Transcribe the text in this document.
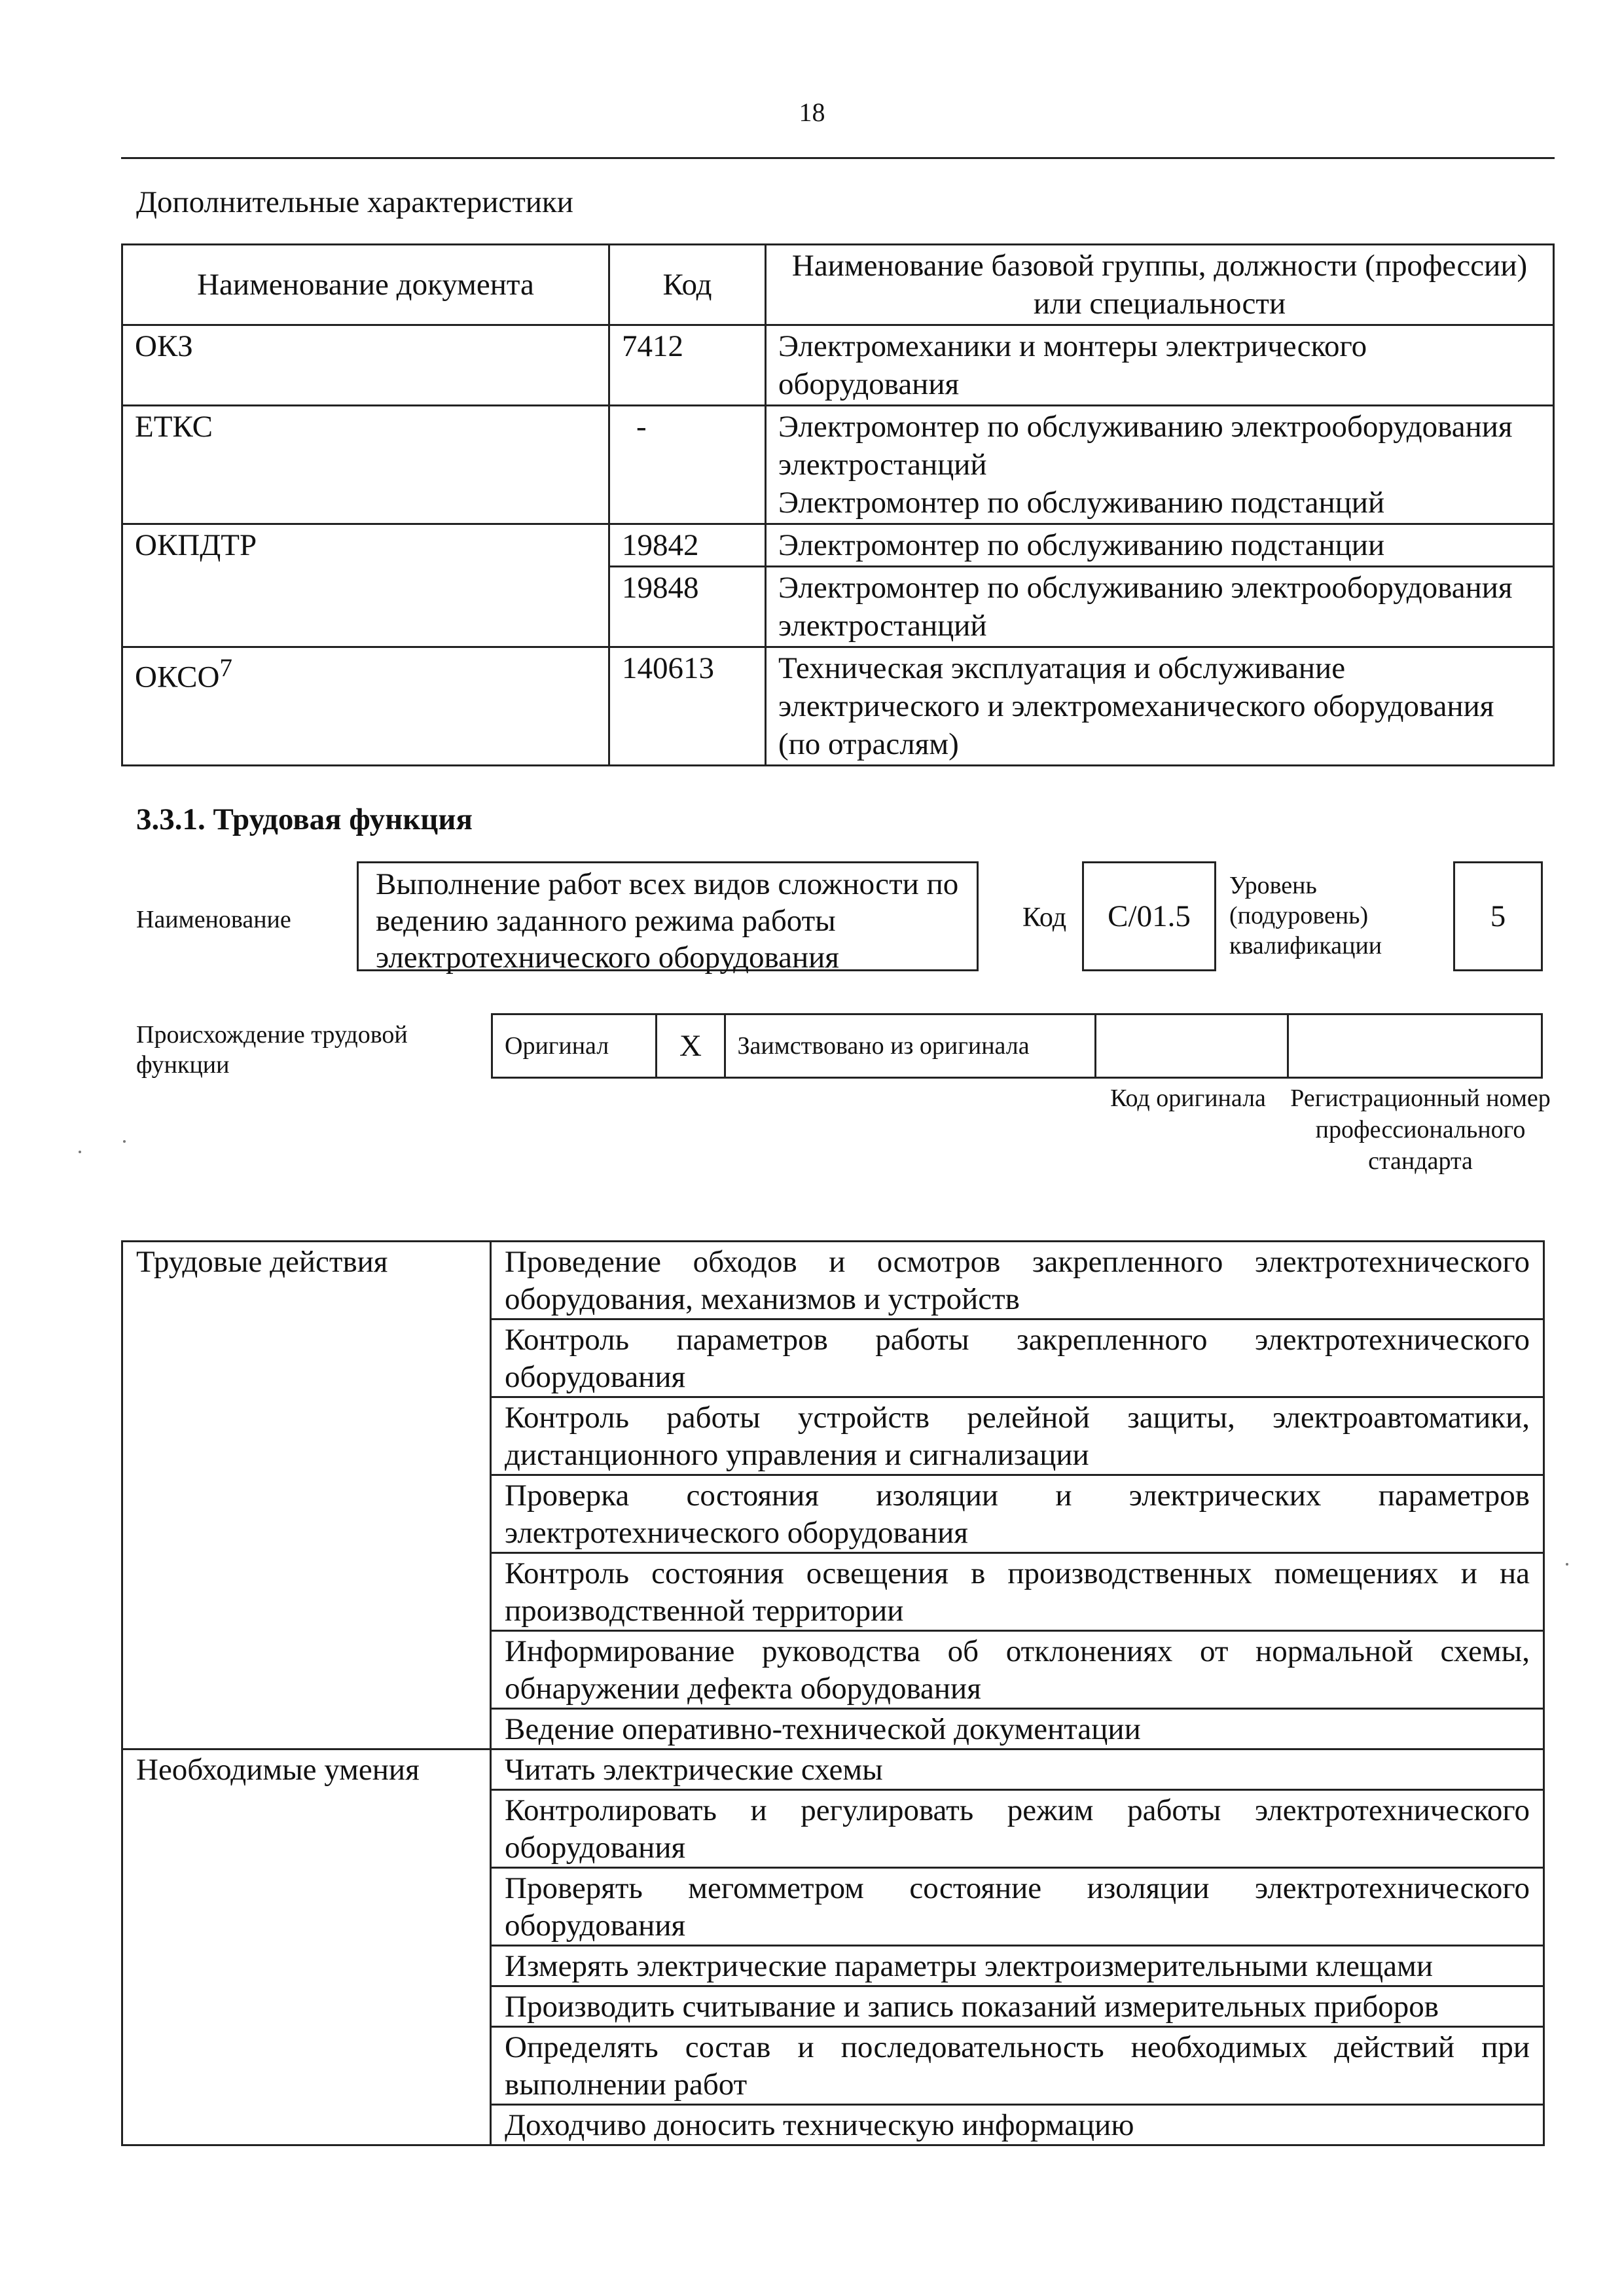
18
Дополнительные характеристики
Наименование документа	Код	Наименование базовой группы, должности (профессии) или специальности
ОКЗ	7412	Электромеханики и монтеры электрического оборудования
ЕТКС	-	Электромонтер по обслуживанию электрооборудования электростанций
Электромонтер по обслуживанию подстанций

ОКПДТР	19842	Электромонтер по обслуживанию подстанции
	19848	Электромонтер по обслуживанию электрооборудования электростанций
ОКСО$^7$	140613	Техническая эксплуатация и обслуживание электрического и электромеханического оборудования (по отраслям)
3.3.1. Трудовая функция
Наименование
Выполнение работ всех видов сложности по ведению заданного режима работы электротехнического оборудования
Код	C/01.5
Уровень
(подуровень)
квалификации
5
Происхождение трудовой функции
Оригинал	X	Заимствовано из оригинала		
Код оригинала Регистрационный номер профессионального стандарта
Трудовые действия	Проведение обходов и осмотров закрепленного электротехнического оборудования, механизмов и устройств
	Контроль параметров работы закрепленного электротехнического оборудования
	Контроль работы устройств релейной защиты, электроавтоматики, дистанционного управления и сигнализации
	Проверка состояния изоляции и электрических параметров электротехнического оборудования
	Контроль состояния освещения в производственных помещениях и на производственной территории
	Информирование руководства об отклонениях от нормальной схемы, обнаружении дефекта оборудования
	Ведение оперативно-технической документации
Необходимые умения	Читать электрические схемы
	Контролировать и регулировать режим работы электротехнического оборудования
	Проверять мегомметром состояние изоляции электротехнического оборудования
	Измерять электрические параметры электроизмерительными клещами
	Производить считывание и запись показаний измерительных приборов
	Определять состав и последовательность необходимых действий при выполнении работ
	Доходчиво доносить техническую информацию
